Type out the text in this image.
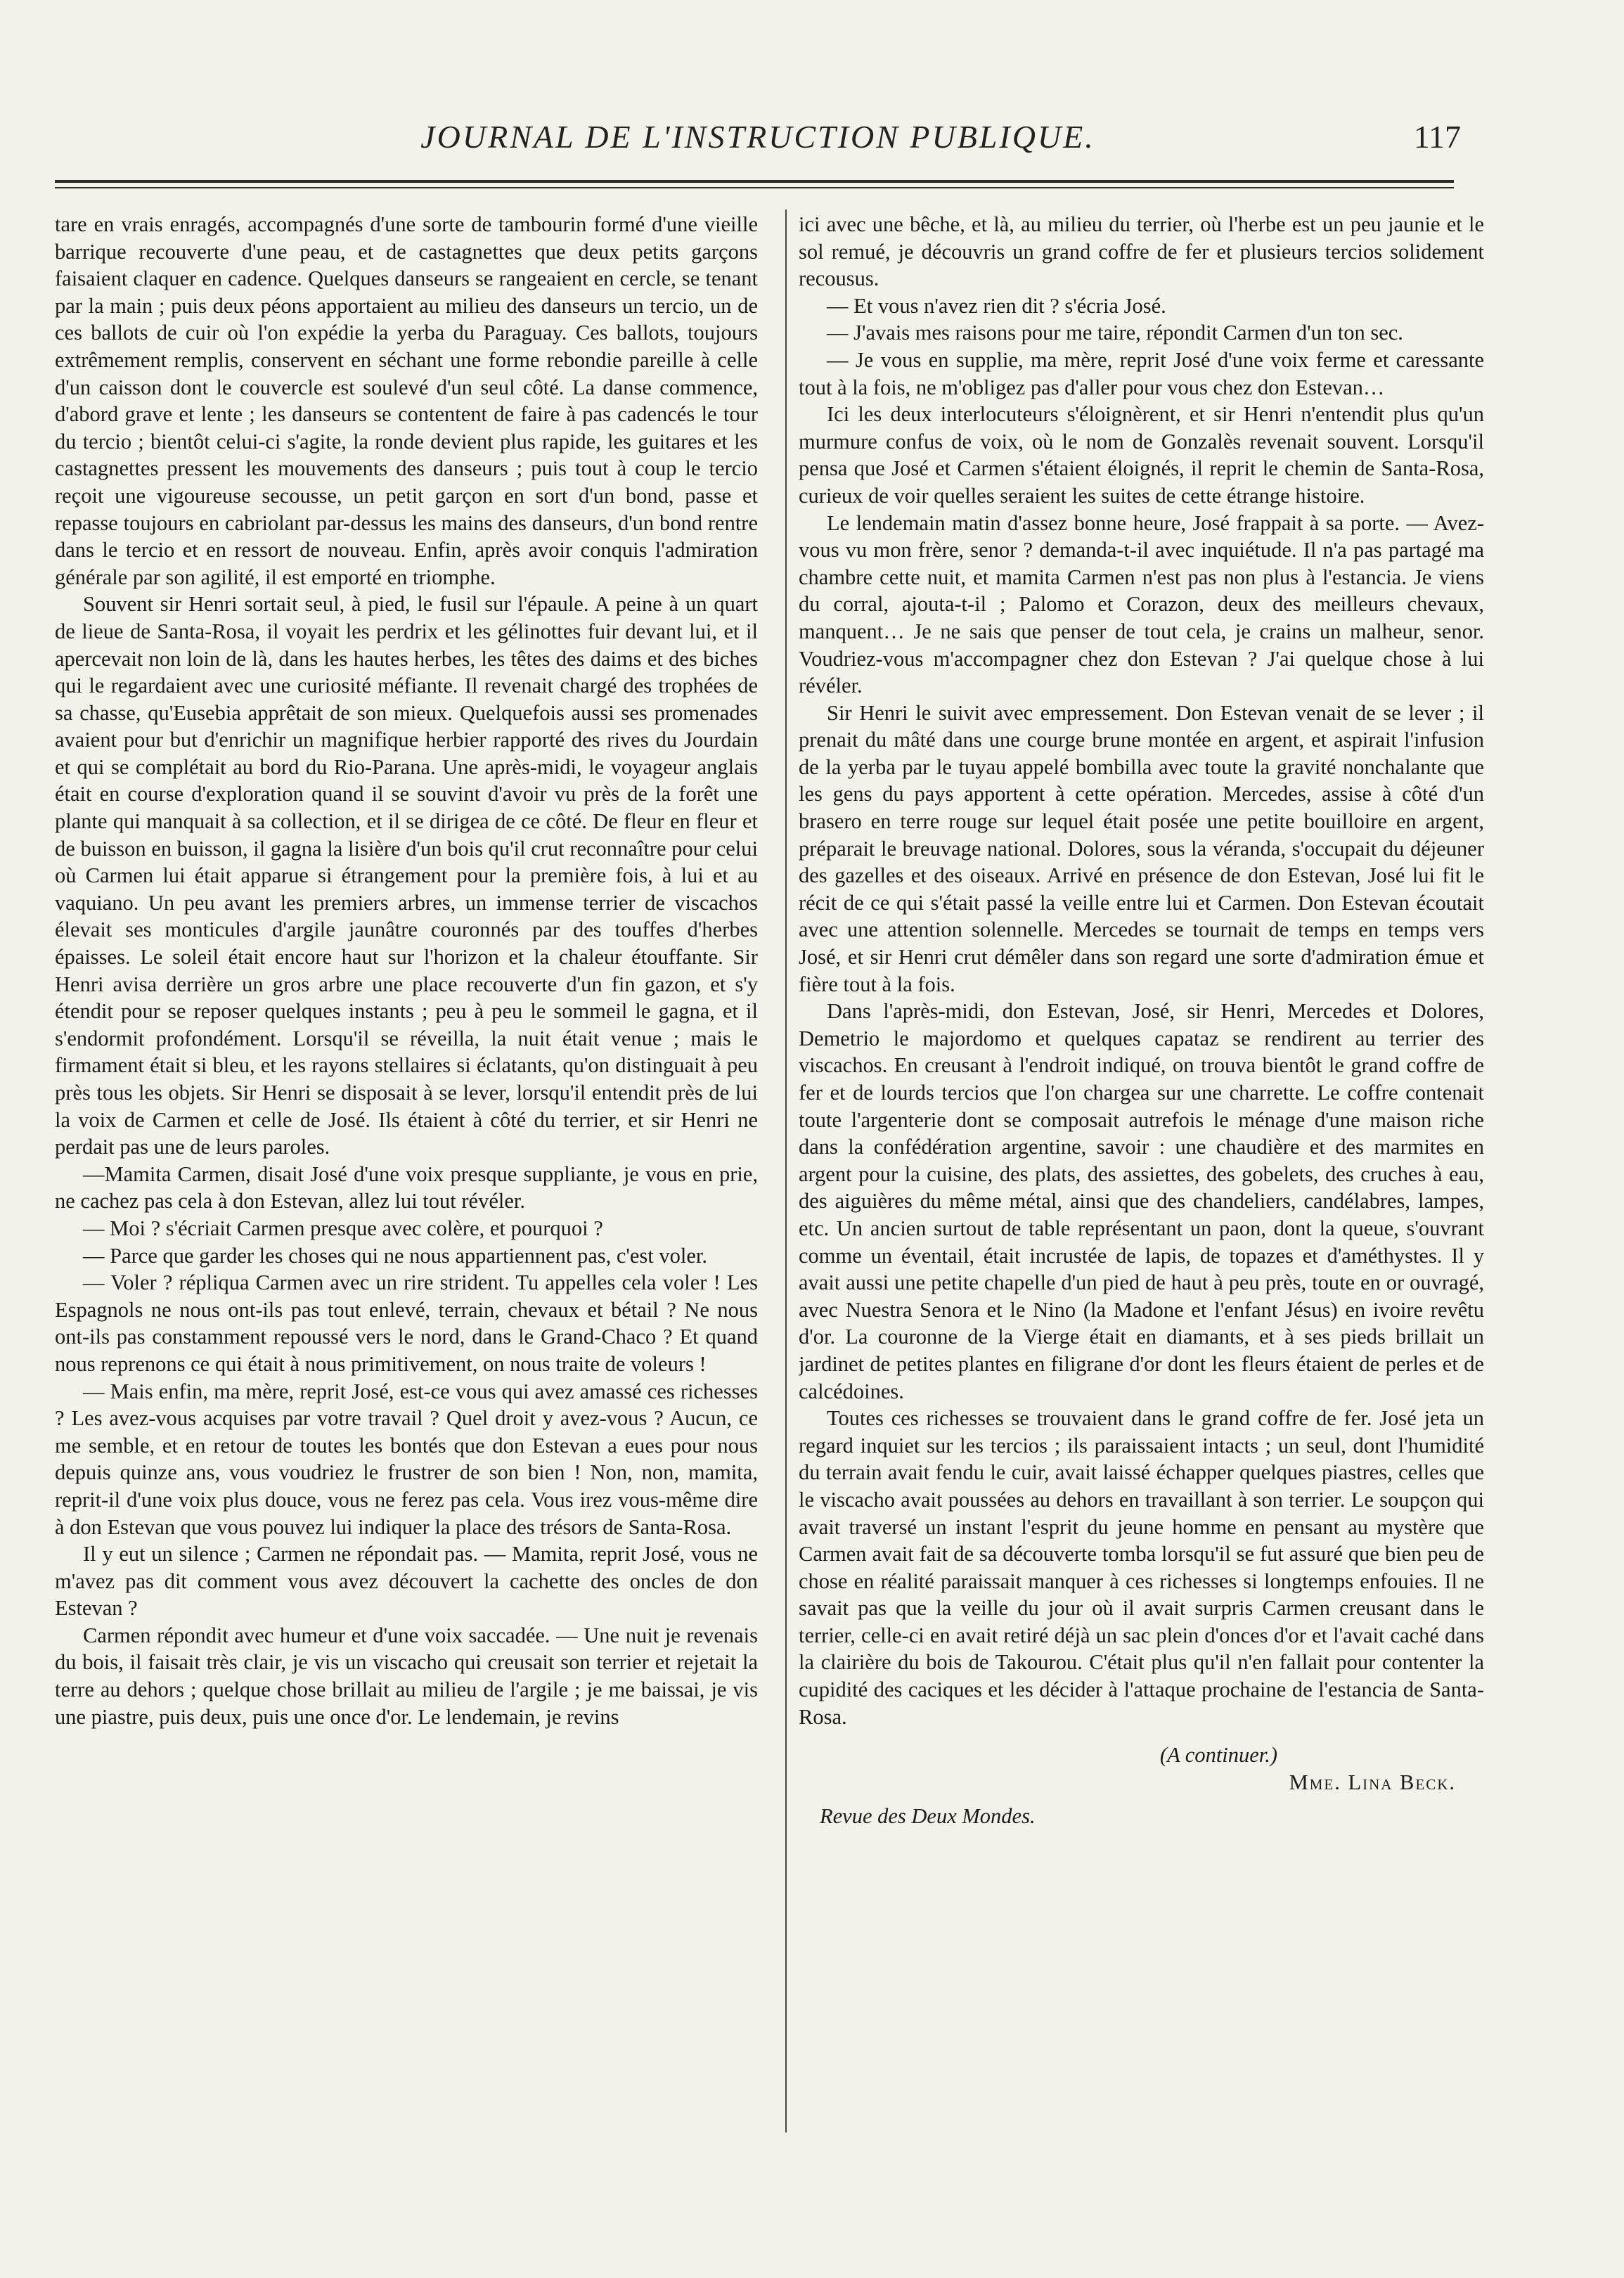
JOURNAL DE L'INSTRUCTION PUBLIQUE.	117

tare en vrais enragés, accompagnés d'une sorte de tambourin formé d'une vieille barrique recouverte d'une peau, et de castagnettes que deux petits garçons faisaient claquer en cadence. Quelques danseurs se rangeaient en cercle, se tenant par la main ; puis deux péons apportaient au milieu des danseurs un tercio, un de ces ballots de cuir où l'on expédie la yerba du Paraguay. Ces ballots, toujours extrêmement remplis, conservent en séchant une forme rebondie pareille à celle d'un caisson dont le couvercle est soulevé d'un seul côté. La danse commence, d'abord grave et lente ; les danseurs se contentent de faire à pas cadencés le tour du tercio ; bientôt celui-ci s'agite, la ronde devient plus rapide, les guitares et les castagnettes pressent les mouvements des danseurs ; puis tout à coup le tercio reçoit une vigoureuse secousse, un petit garçon en sort d'un bond, passe et repasse toujours en cabriolant par-dessus les mains des danseurs, d'un bond rentre dans le tercio et en ressort de nouveau. Enfin, après avoir conquis l'admiration générale par son agilité, il est emporté en triomphe.

Souvent sir Henri sortait seul, à pied, le fusil sur l'épaule. A peine à un quart de lieue de Santa-Rosa, il voyait les perdrix et les gélinottes fuir devant lui, et il apercevait non loin de là, dans les hautes herbes, les têtes des daims et des biches qui le regardaient avec une curiosité méfiante. Il revenait chargé des trophées de sa chasse, qu'Eusebia apprêtait de son mieux. Quelquefois aussi ses promenades avaient pour but d'enrichir un magnifique herbier rapporté des rives du Jourdain et qui se complétait au bord du Rio-Parana. Une après-midi, le voyageur anglais était en course d'exploration quand il se souvint d'avoir vu près de la forêt une plante qui manquait à sa collection, et il se dirigea de ce côté. De fleur en fleur et de buisson en buisson, il gagna la lisière d'un bois qu'il crut reconnaître pour celui où Carmen lui était apparue si étrangement pour la première fois, à lui et au vaquiano. Un peu avant les premiers arbres, un immense terrier de viscachos élevait ses monticules d'argile jaunâtre couronnés par des touffes d'herbes épaisses. Le soleil était encore haut sur l'horizon et la chaleur étouffante. Sir Henri avisa derrière un gros arbre une place recouverte d'un fin gazon, et s'y étendit pour se reposer quelques instants ; peu à peu le sommeil le gagna, et il s'endormit profondément. Lorsqu'il se réveilla, la nuit était venue ; mais le firmament était si bleu, et les rayons stellaires si éclatants, qu'on distinguait à peu près tous les objets. Sir Henri se disposait à se lever, lorsqu'il entendit près de lui la voix de Carmen et celle de José. Ils étaient à côté du terrier, et sir Henri ne perdait pas une de leurs paroles.

—Mamita Carmen, disait José d'une voix presque suppliante, je vous en prie, ne cachez pas cela à don Estevan, allez lui tout révéler.

— Moi ? s'écriait Carmen presque avec colère, et pourquoi ?

— Parce que garder les choses qui ne nous appartiennent pas, c'est voler.

— Voler ? répliqua Carmen avec un rire strident. Tu appelles cela voler ! Les Espagnols ne nous ont-ils pas tout enlevé, terrain, chevaux et bétail ? Ne nous ont-ils pas constamment repoussé vers le nord, dans le Grand-Chaco ? Et quand nous reprenons ce qui était à nous primitivement, on nous traite de voleurs !

— Mais enfin, ma mère, reprit José, est-ce vous qui avez amassé ces richesses ? Les avez-vous acquises par votre travail ? Quel droit y avez-vous ? Aucun, ce me semble, et en retour de toutes les bontés que don Estevan a eues pour nous depuis quinze ans, vous voudriez le frustrer de son bien ! Non, non, mamita, reprit-il d'une voix plus douce, vous ne ferez pas cela. Vous irez vous-même dire à don Estevan que vous pouvez lui indiquer la place des trésors de Santa-Rosa.

Il y eut un silence ; Carmen ne répondait pas. — Mamita, reprit José, vous ne m'avez pas dit comment vous avez découvert la cachette des oncles de don Estevan ?

Carmen répondit avec humeur et d'une voix saccadée. — Une nuit je revenais du bois, il faisait très clair, je vis un viscacho qui creusait son terrier et rejetait la terre au dehors ; quelque chose brillait au milieu de l'argile ; je me baissai, je vis une piastre, puis deux, puis une once d'or. Le lendemain, je revins

ici avec une bêche, et là, au milieu du terrier, où l'herbe est un peu jaunie et le sol remué, je découvris un grand coffre de fer et plusieurs tercios solidement recousus.

— Et vous n'avez rien dit ? s'écria José.

— J'avais mes raisons pour me taire, répondit Carmen d'un ton sec.

— Je vous en supplie, ma mère, reprit José d'une voix ferme et caressante tout à la fois, ne m'obligez pas d'aller pour vous chez don Estevan…

Ici les deux interlocuteurs s'éloignèrent, et sir Henri n'entendit plus qu'un murmure confus de voix, où le nom de Gonzalès revenait souvent. Lorsqu'il pensa que José et Carmen s'étaient éloignés, il reprit le chemin de Santa-Rosa, curieux de voir quelles seraient les suites de cette étrange histoire.

Le lendemain matin d'assez bonne heure, José frappait à sa porte. — Avez-vous vu mon frère, senor ? demanda-t-il avec inquiétude. Il n'a pas partagé ma chambre cette nuit, et mamita Carmen n'est pas non plus à l'estancia. Je viens du corral, ajouta-t-il ; Palomo et Corazon, deux des meilleurs chevaux, manquent… Je ne sais que penser de tout cela, je crains un malheur, senor. Voudriez-vous m'accompagner chez don Estevan ? J'ai quelque chose à lui révéler.

Sir Henri le suivit avec empressement. Don Estevan venait de se lever ; il prenait du mâté dans une courge brune montée en argent, et aspirait l'infusion de la yerba par le tuyau appelé bombilla avec toute la gravité nonchalante que les gens du pays apportent à cette opération. Mercedes, assise à côté d'un brasero en terre rouge sur lequel était posée une petite bouilloire en argent, préparait le breuvage national. Dolores, sous la véranda, s'occupait du déjeuner des gazelles et des oiseaux. Arrivé en présence de don Estevan, José lui fit le récit de ce qui s'était passé la veille entre lui et Carmen. Don Estevan écoutait avec une attention solennelle. Mercedes se tournait de temps en temps vers José, et sir Henri crut démêler dans son regard une sorte d'admiration émue et fière tout à la fois.

Dans l'après-midi, don Estevan, José, sir Henri, Mercedes et Dolores, Demetrio le majordomo et quelques capataz se rendirent au terrier des viscachos. En creusant à l'endroit indiqué, on trouva bientôt le grand coffre de fer et de lourds tercios que l'on chargea sur une charrette. Le coffre contenait toute l'argenterie dont se composait autrefois le ménage d'une maison riche dans la confédération argentine, savoir : une chaudière et des marmites en argent pour la cuisine, des plats, des assiettes, des gobelets, des cruches à eau, des aiguières du même métal, ainsi que des chandeliers, candélabres, lampes, etc. Un ancien surtout de table représentant un paon, dont la queue, s'ouvrant comme un éventail, était incrustée de lapis, de topazes et d'améthystes. Il y avait aussi une petite chapelle d'un pied de haut à peu près, toute en or ouvragé, avec Nuestra Senora et le Nino (la Madone et l'enfant Jésus) en ivoire revêtu d'or. La couronne de la Vierge était en diamants, et à ses pieds brillait un jardinet de petites plantes en filigrane d'or dont les fleurs étaient de perles et de calcédoines.

Toutes ces richesses se trouvaient dans le grand coffre de fer. José jeta un regard inquiet sur les tercios ; ils paraissaient intacts ; un seul, dont l'humidité du terrain avait fendu le cuir, avait laissé échapper quelques piastres, celles que le viscacho avait poussées au dehors en travaillant à son terrier. Le soupçon qui avait traversé un instant l'esprit du jeune homme en pensant au mystère que Carmen avait fait de sa découverte tomba lorsqu'il se fut assuré que bien peu de chose en réalité paraissait manquer à ces richesses si longtemps enfouies. Il ne savait pas que la veille du jour où il avait surpris Carmen creusant dans le terrier, celle-ci en avait retiré déjà un sac plein d'onces d'or et l'avait caché dans la clairière du bois de Takourou. C'était plus qu'il n'en fallait pour contenter la cupidité des caciques et les décider à l'attaque prochaine de l'estancia de Santa-Rosa.

(A continuer.)
Mme. Lina Beck.
Revue des Deux Mondes.
